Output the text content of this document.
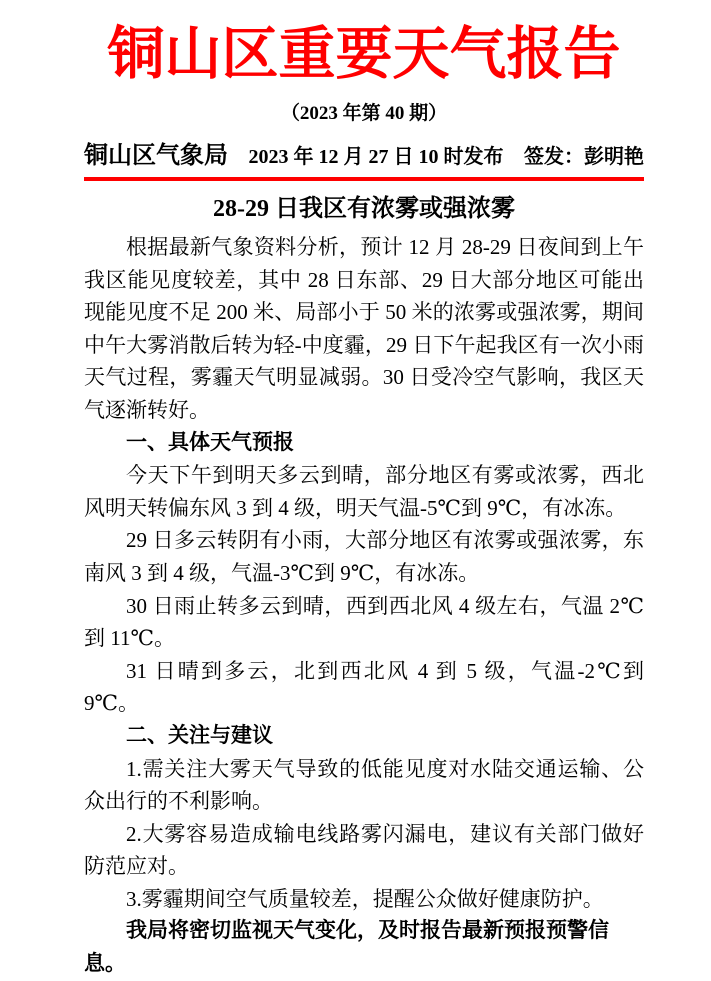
铜山区重要天气报告
（2023 年第 40 期）
铜山区气象局 2023 年 12 月 27 日 10 时发布 签发：彭明艳
28-29 日我区有浓雾或强浓雾

根据最新气象资料分析，预计 12 月 28-29 日夜间到上午我区能见度较差，其中 28 日东部、29 日大部分地区可能出现能见度不足 200 米、局部小于 50 米的浓雾或强浓雾，期间中午大雾消散后转为轻-中度霾，29 日下午起我区有一次小雨天气过程，雾霾天气明显减弱。30 日受冷空气影响，我区天气逐渐转好。

一、具体天气预报

今天下午到明天多云到晴，部分地区有雾或浓雾，西北风明天转偏东风 3 到 4 级，明天气温-5℃到 9℃，有冰冻。

29 日多云转阴有小雨，大部分地区有浓雾或强浓雾，东南风 3 到 4 级，气温-3℃到 9℃，有冰冻。

30 日雨止转多云到晴，西到西北风 4 级左右，气温 2℃到 11℃。

31 日晴到多云，北到西北风 4 到 5 级，气温-2℃到 9℃。

二、关注与建议

1.需关注大雾天气导致的低能见度对水陆交通运输、公众出行的不利影响。

2.大雾容易造成输电线路雾闪漏电，建议有关部门做好防范应对。

3.雾霾期间空气质量较差，提醒公众做好健康防护。

我局将密切监视天气变化，及时报告最新预报预警信息。
